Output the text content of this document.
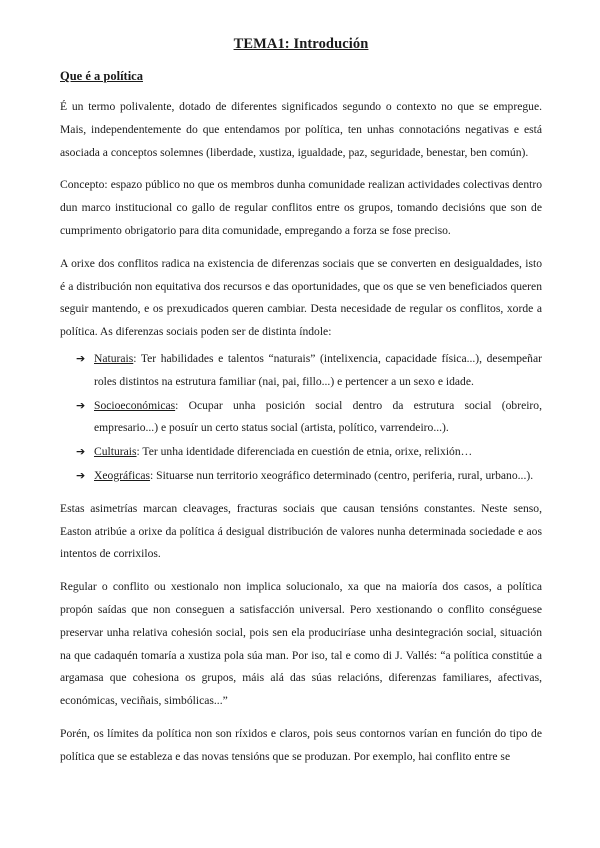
TEMA1: Introdución
Que é a política

É un termo polivalente, dotado de diferentes significados segundo o contexto no que se empregue. Mais, independentemente do que entendamos por política, ten unhas connotacións negativas e está asociada a conceptos solemnes (liberdade, xustiza, igualdade, paz, seguridade, benestar, ben común).

Concepto: espazo público no que os membros dunha comunidade realizan actividades colectivas dentro dun marco institucional co gallo de regular conflitos entre os grupos, tomando decisións que son de cumprimento obrigatorio para dita comunidade, empregando a forza se fose preciso.

A orixe dos conflitos radica na existencia de diferenzas sociais que se converten en desigualdades, isto é a distribución non equitativa dos recursos e das oportunidades, que os que se ven beneficiados queren seguir mantendo, e os prexudicados queren cambiar. Desta necesidade de regular os conflitos, xorde a política. As diferenzas sociais poden ser de distinta índole:

➔ Naturais: Ter habilidades e talentos “naturais” (intelixencia, capacidade física...), desempeñar roles distintos na estrutura familiar (nai, pai, fillo...) e pertencer a un sexo e idade.
➔ Socioeconómicas: Ocupar unha posición social dentro da estrutura social (obreiro, empresario...) e posuír un certo status social (artista, político, varrendeiro...).
➔ Culturais: Ter unha identidade diferenciada en cuestión de etnia, orixe, relixión…
➔ Xeográficas: Situarse nun territorio xeográfico determinado (centro, periferia, rural, urbano...).

Estas asimetrías marcan cleavages, fracturas sociais que causan tensións constantes. Neste senso, Easton atribúe a orixe da política á desigual distribución de valores nunha determinada sociedade e aos intentos de corrixilos.

Regular o conflito ou xestionalo non implica solucionalo, xa que na maioría dos casos, a política propón saídas que non conseguen a satisfacción universal. Pero xestionando o conflito conséguese preservar unha relativa cohesión social, pois sen ela produciríase unha desintegración social, situación na que cadaquén tomaría a xustiza pola súa man. Por iso, tal e como di J. Vallés: “a política constitúe a argamasa que cohesiona os grupos, máis alá das súas relacións, diferenzas familiares, afectivas, económicas, veciñais, simbólicas...”

Porén, os límites da política non son ríxidos e claros, pois seus contornos varían en función do tipo de política que se estableza e das novas tensións que se produzan. Por exemplo, hai conflito entre se
